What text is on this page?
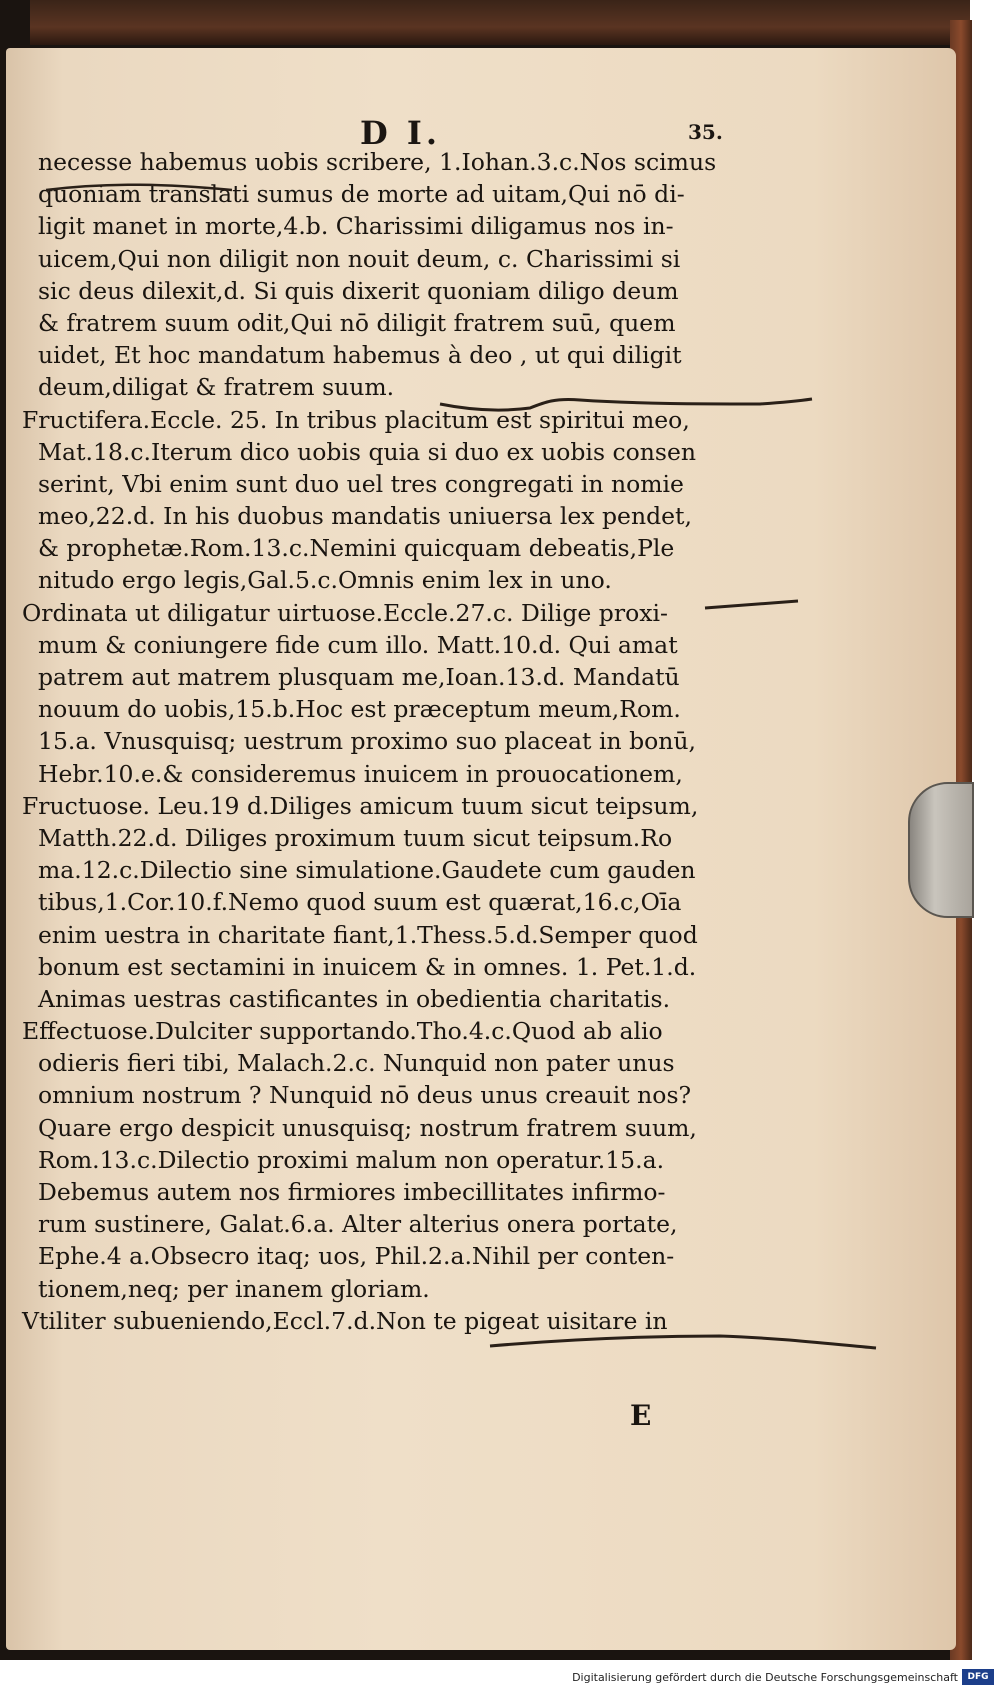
D I.	35.
necesse habemus uobis scribere, 1.Iohan.3.c.Nos scimus
quoniam translati sumus de morte ad uitam,Qui nō di-
ligit manet in morte,4.b. Charissimi diligamus nos in-
uicem,Qui non diligit non nouit deum, c. Charissimi si
sic deus dilexit,d. Si quis dixerit quoniam diligo deum
& fratrem suum odit,Qui nō diligit fratrem suū, quem
uidet, Et hoc mandatum habemus à deo , ut qui diligit
deum,diligat & fratrem suum.
Fructifera.Eccle. 25. In tribus placitum est spiritui meo,
Mat.18.c.Iterum dico uobis quia si duo ex uobis consen
serint, Vbi enim sunt duo uel tres congregati in nomie
meo,22.d. In his duobus mandatis uniuersa lex pendet,
& prophetæ.Rom.13.c.Nemini quicquam debeatis,Ple
nitudo ergo legis,Gal.5.c.Omnis enim lex in uno.
Ordinata ut diligatur uirtuose.Eccle.27.c. Dilige proxi-
mum & coniungere fide cum illo. Matt.10.d. Qui amat
patrem aut matrem plusquam me,Ioan.13.d. Mandatū
nouum do uobis,15.b.Hoc est præceptum meum,Rom.
15.a. Vnusquisq; uestrum proximo suo placeat in bonū,
Hebr.10.e.& consideremus inuicem in prouocationem,
Fructuose. Leu.19 d.Diliges amicum tuum sicut teipsum,
Matth.22.d. Diliges proximum tuum sicut teipsum.Ro
ma.12.c.Dilectio sine simulatione.Gaudete cum gauden
tibus,1.Cor.10.f.Nemo quod suum est quærat,16.c,Oīa
enim uestra in charitate fiant,1.Thess.5.d.Semper quod
bonum est sectamini in inuicem & in omnes. 1. Pet.1.d.
Animas uestras castificantes in obedientia charitatis.
Effectuose.Dulciter supportando.Tho.4.c.Quod ab alio
odieris fieri tibi, Malach.2.c. Nunquid non pater unus
omnium nostrum ? Nunquid nō deus unus creauit nos?
Quare ergo despicit unusquisq; nostrum fratrem suum,
Rom.13.c.Dilectio proximi malum non operatur.15.a.
Debemus autem nos firmiores imbecillitates infirmo-
rum sustinere, Galat.6.a. Alter alterius onera portate,
Ephe.4 a.Obsecro itaq; uos, Phil.2.a.Nihil per conten-
tionem,neq; per inanem gloriam.
Vtiliter subueniendo,Eccl.7.d.Non te pigeat uisitare in
E
Digitalisierung gefördert durch die Deutsche Forschungsgemeinschaft	DFG
